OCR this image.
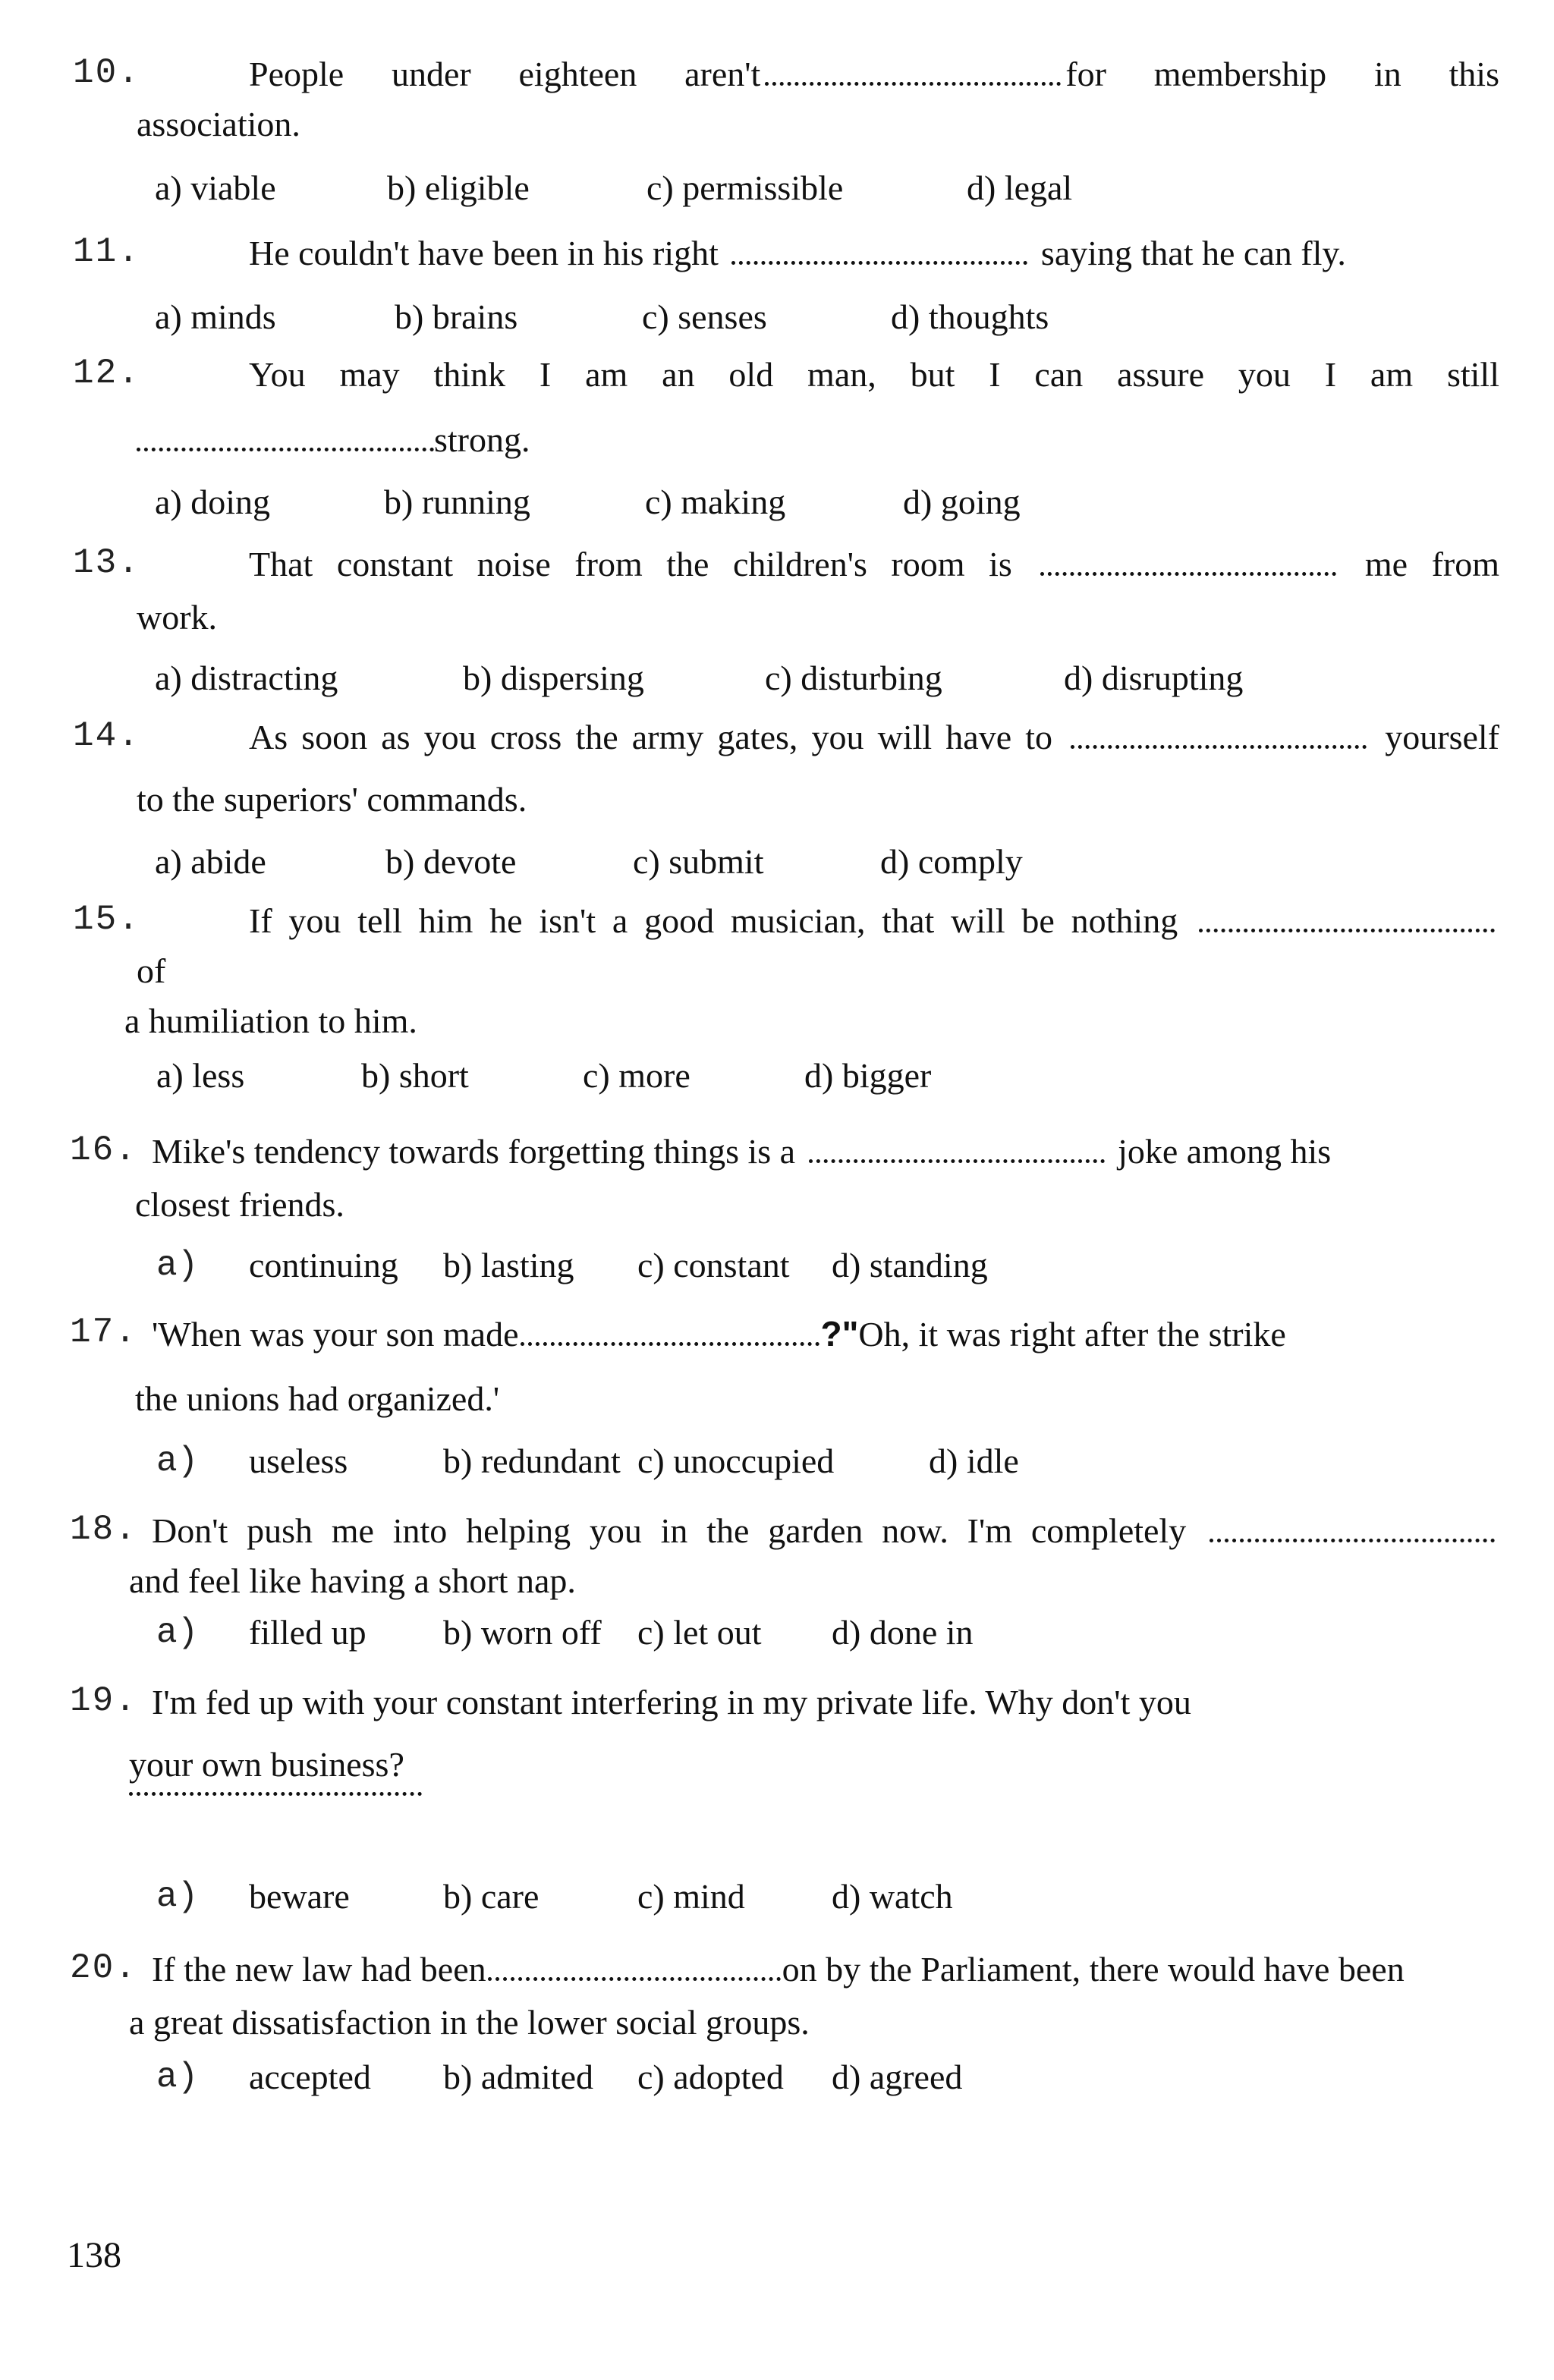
10.	People under eighteen aren't	for membership in this
association.
a) viable	b) eligible	c) permissible	d) legal
11.	He couldn't have been in his right	saying that he can fly.
a) minds	b) brains	c) senses	d) thoughts
12.	You may think I am an old man, but I can assure you I am still
strong.
a) doing	b) running	c) making	d) going
13.	That constant noise from the children's room is	me from
work.
a) distracting	b) dispersing	c) disturbing	d) disrupting
14.	As soon as you cross the army gates, you will have to	yourself
to the superiors' commands.
a) abide	b) devote	c) submit	d) comply
15.	If you tell him he isn't a good musician, that will be nothing
of
a humiliation to him.
a) less	b) short	c) more	d) bigger
16. Mike's tendency towards forgetting things is a	joke among his
closest friends.
a) continuing b) lasting c) constant d) standing
17. 'When was your son made	?"Oh, it was right after the strike
the unions had organized.'
a) useless	b) redundant c) unoccupied	d) idle
18. Don't push me into helping you in the garden now. I'm completely
and feel like having a short nap.
a) filled up b) worn off c) let out d) done in
19. I'm fed up with your constant interfering in my private life. Why don't you
your own business?
a) beware	b) care	c) mind d) watch
20. If the new law had been	on by the Parliament, there would have been
a great dissatisfaction in the lower social groups.
a) accepted b) admited c) adopted d) agreed
138
